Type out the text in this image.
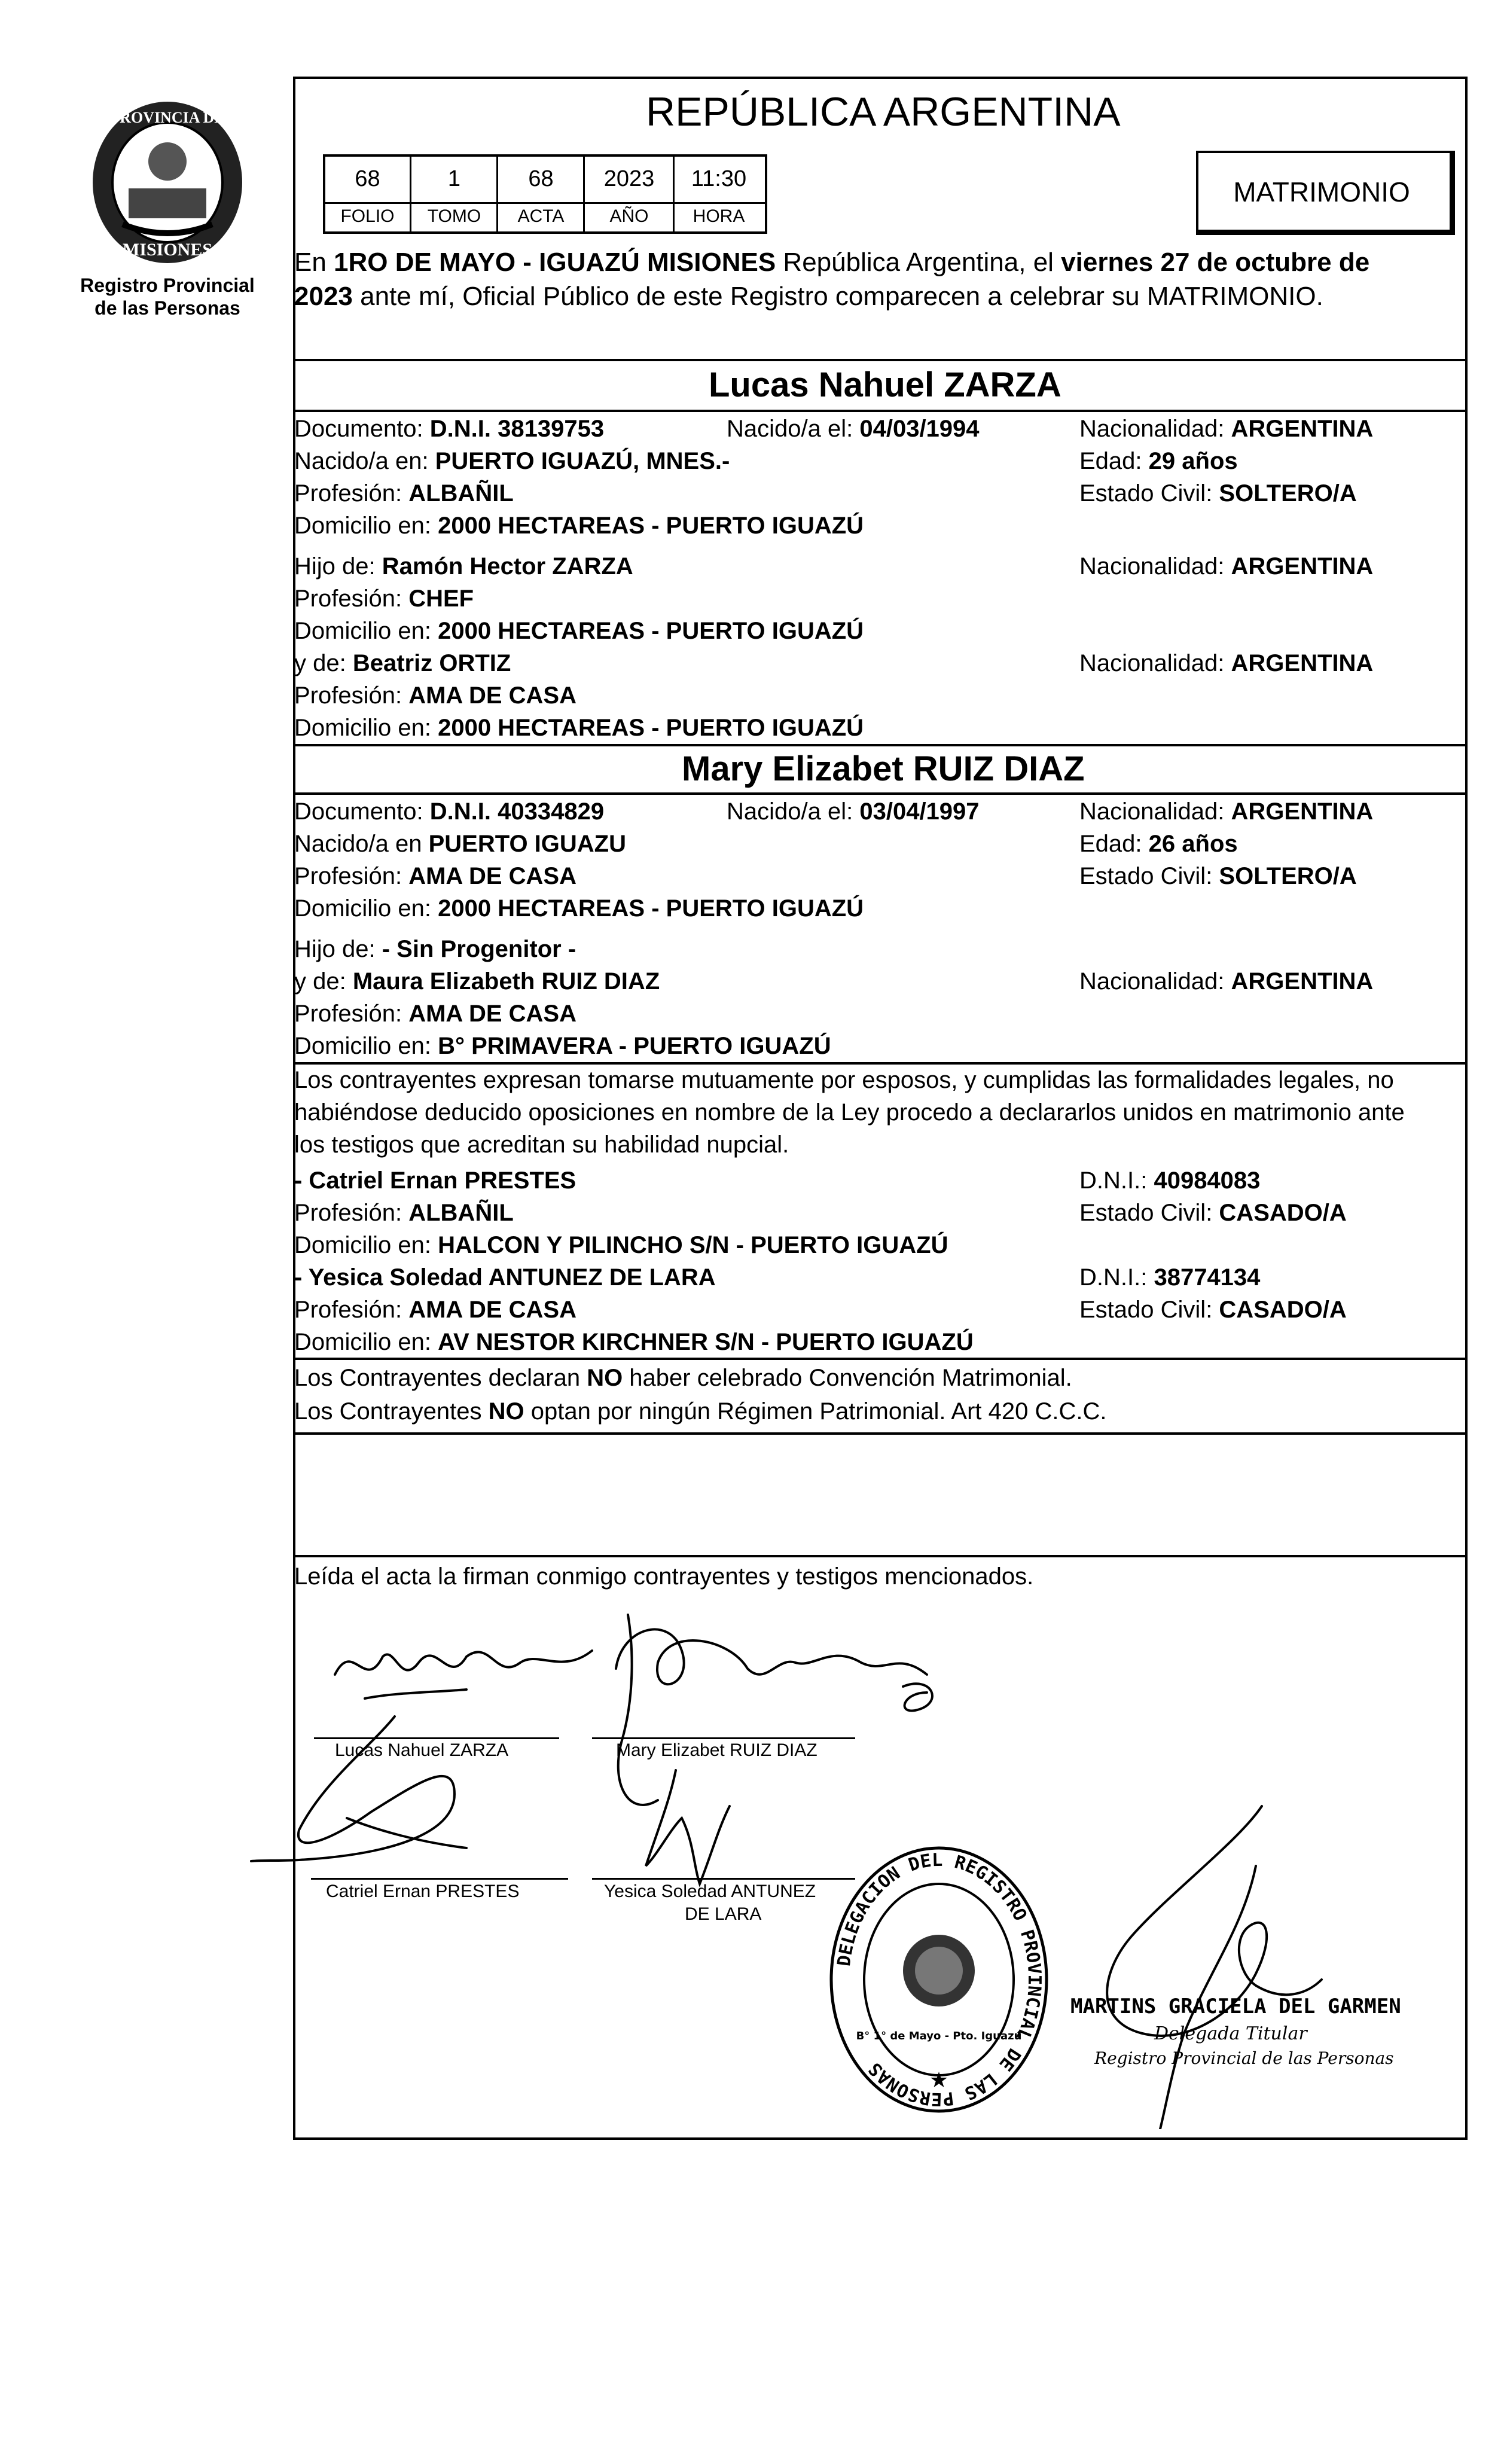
PROVINCIA DE
MISIONES
Registro Provincial
de las Personas
REPÚBLICA ARGENTINA
68	1	68	2023	11:30
FOLIO	TOMO	ACTA	AÑO	HORA
MATRIMONIO
En 1RO DE MAYO - IGUAZÚ MISIONES República Argentina, el viernes 27 de octubre de
2023 ante mí, Oficial Público de este Registro comparecen a celebrar su MATRIMONIO.
Lucas Nahuel ZARZA
Documento: D.N.I. 38139753	Nacido/a el: 04/03/1994	Nacionalidad: ARGENTINA
Nacido/a en: PUERTO IGUAZÚ, MNES.-	Edad: 29 años
Profesión: ALBAÑIL	Estado Civil: SOLTERO/A
Domicilio en: 2000 HECTAREAS - PUERTO IGUAZÚ
Hijo de: Ramón Hector ZARZA	Nacionalidad: ARGENTINA
Profesión: CHEF
Domicilio en: 2000 HECTAREAS - PUERTO IGUAZÚ
y de: Beatriz ORTIZ	Nacionalidad: ARGENTINA
Profesión: AMA DE CASA
Domicilio en: 2000 HECTAREAS - PUERTO IGUAZÚ
Mary Elizabet RUIZ DIAZ
Documento: D.N.I. 40334829	Nacido/a el: 03/04/1997	Nacionalidad: ARGENTINA
Nacido/a en PUERTO IGUAZU	Edad: 26 años
Profesión: AMA DE CASA	Estado Civil: SOLTERO/A
Domicilio en: 2000 HECTAREAS - PUERTO IGUAZÚ
Hijo de: - Sin Progenitor -
y de: Maura Elizabeth RUIZ DIAZ	Nacionalidad: ARGENTINA
Profesión: AMA DE CASA
Domicilio en: B° PRIMAVERA - PUERTO IGUAZÚ
Los contrayentes expresan tomarse mutuamente por esposos, y cumplidas las formalidades legales, no
habiéndose deducido oposiciones en nombre de la Ley procedo a declararlos unidos en matrimonio ante
los testigos que acreditan su habilidad nupcial.
- Catriel Ernan PRESTES	D.N.I.: 40984083
Profesión: ALBAÑIL	Estado Civil: CASADO/A
Domicilio en: HALCON Y PILINCHO S/N - PUERTO IGUAZÚ
- Yesica Soledad ANTUNEZ DE LARA	D.N.I.: 38774134
Profesión: AMA DE CASA	Estado Civil: CASADO/A
Domicilio en: AV NESTOR KIRCHNER S/N - PUERTO IGUAZÚ
Los Contrayentes declaran NO haber celebrado Convención Matrimonial.
Los Contrayentes NO optan por ningún Régimen Patrimonial. Art 420 C.C.C.
Leída el acta la firman conmigo contrayentes y testigos mencionados.
Lucas Nahuel ZARZA	Mary Elizabet RUIZ DIAZ
Catriel Ernan PRESTES	Yesica Soledad ANTUNEZ
DE LARA
DELEGACION DEL REGISTRO PROVINCIAL DE LAS PERSONAS
B° 1° de Mayo - Pto. Iguazú
★
MARTINS GRACIELA DEL GARMEN
Delegada Titular
Registro Provincial de las Personas
